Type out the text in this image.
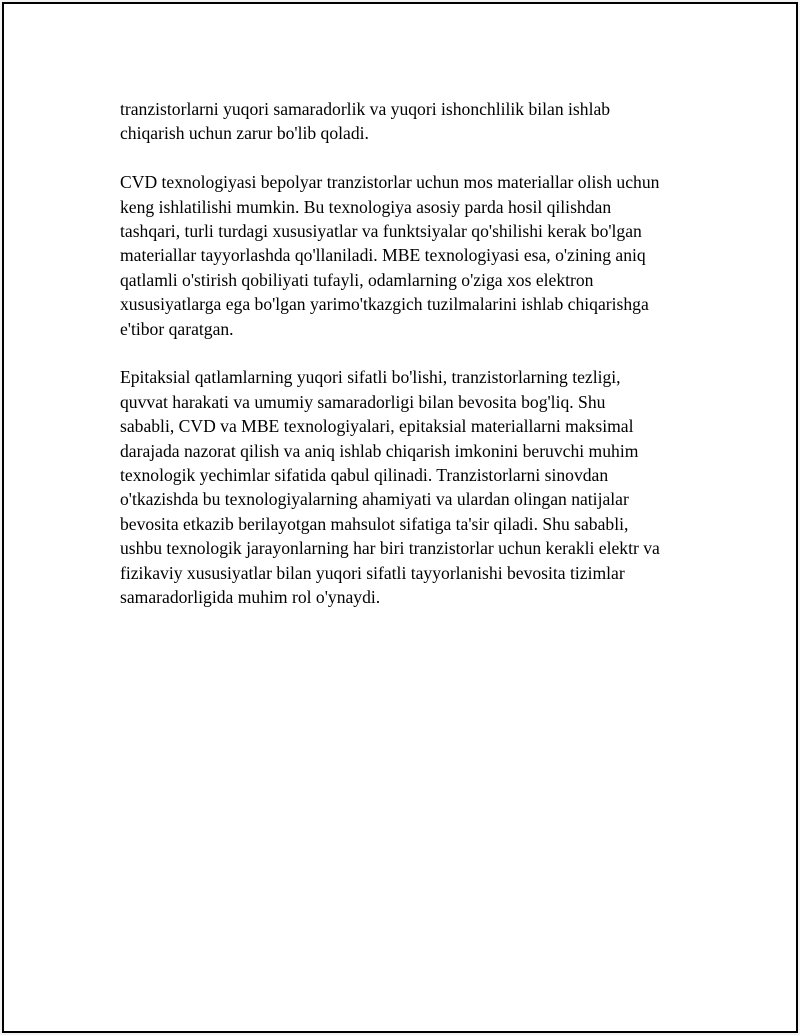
tranzistorlarni yuqori samaradorlik va yuqori ishonchlilik bilan ishlab
chiqarish uchun zarur bo'lib qoladi.

CVD texnologiyasi bepolyar tranzistorlar uchun mos materiallar olish uchun
keng ishlatilishi mumkin. Bu texnologiya asosiy parda hosil qilishdan
tashqari, turli turdagi xususiyatlar va funktsiyalar qo'shilishi kerak bo'lgan
materiallar tayyorlashda qo'llaniladi. MBE texnologiyasi esa, o'zining aniq
qatlamli o'stirish qobiliyati tufayli, odamlarning o'ziga xos elektron
xususiyatlarga ega bo'lgan yarimo'tkazgich tuzilmalarini ishlab chiqarishga
e'tibor qaratgan.

Epitaksial qatlamlarning yuqori sifatli bo'lishi, tranzistorlarning tezligi,
quvvat harakati va umumiy samaradorligi bilan bevosita bog'liq. Shu
sababli, CVD va MBE texnologiyalari, epitaksial materiallarni maksimal
darajada nazorat qilish va aniq ishlab chiqarish imkonini beruvchi muhim
texnologik yechimlar sifatida qabul qilinadi. Tranzistorlarni sinovdan
o'tkazishda bu texnologiyalarning ahamiyati va ulardan olingan natijalar
bevosita etkazib berilayotgan mahsulot sifatiga ta'sir qiladi. Shu sababli,
ushbu texnologik jarayonlarning har biri tranzistorlar uchun kerakli elektr va
fizikaviy xususiyatlar bilan yuqori sifatli tayyorlanishi bevosita tizimlar
samaradorligida muhim rol o'ynaydi.
